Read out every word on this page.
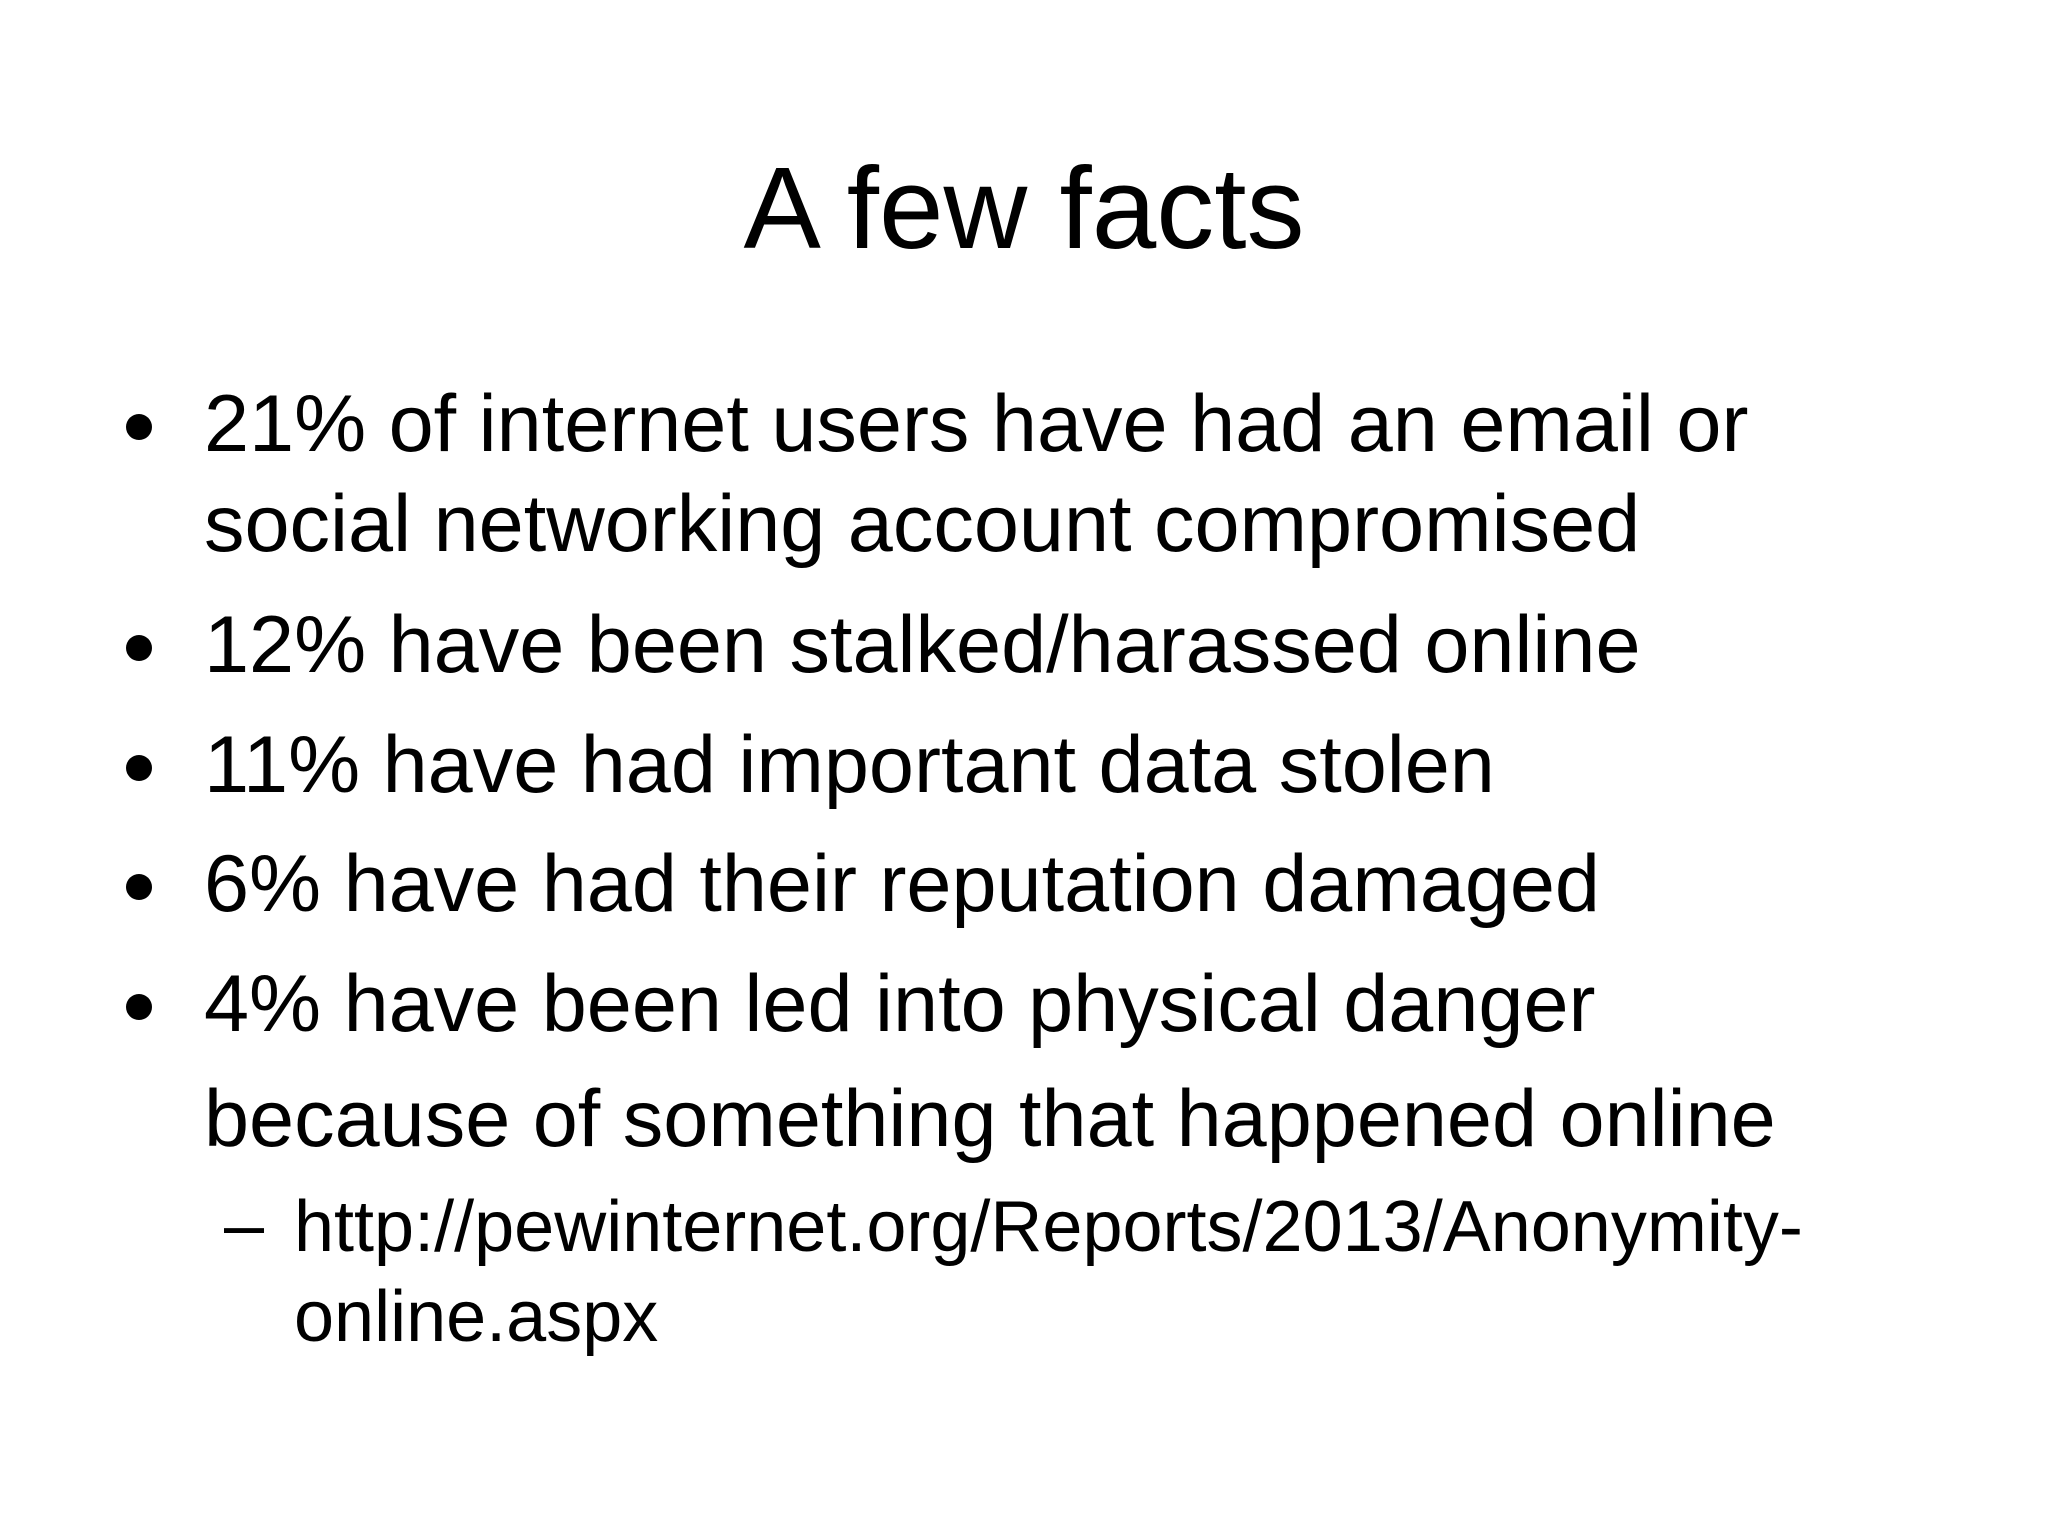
A few facts
21% of internet users have had an email or
social networking account compromised
12% have been stalked/harassed online
11% have had important data stolen
6% have had their reputation damaged
4% have been led into physical danger
because of something that happened online
– http://pewinternet.org/Reports/2013/Anonymity-
online.aspx
